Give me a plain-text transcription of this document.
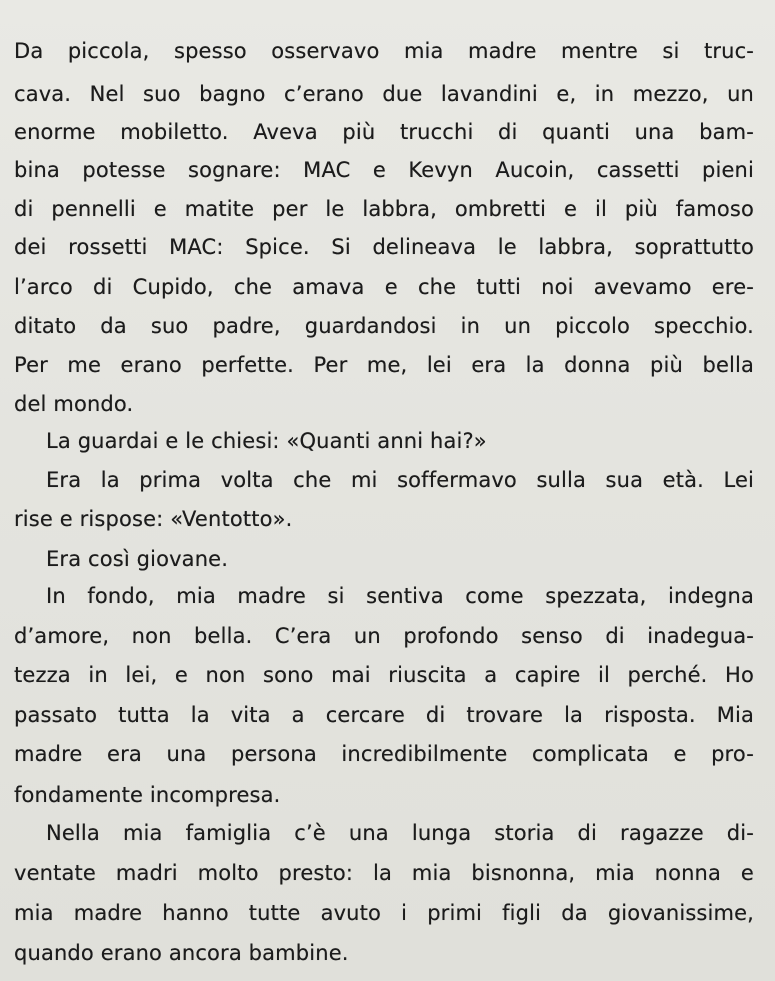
Da piccola, spesso osservavo mia madre mentre si truc-
cava. Nel suo bagno c’erano due lavandini e, in mezzo, un
enorme mobiletto. Aveva più trucchi di quanti una bam-
bina potesse sognare: MAC e Kevyn Aucoin, cassetti pieni
di pennelli e matite per le labbra, ombretti e il più famoso
dei rossetti MAC: Spice. Si delineava le labbra, soprattutto
l’arco di Cupido, che amava e che tutti noi avevamo ere-
ditato da suo padre, guardandosi in un piccolo specchio.
Per me erano perfette. Per me, lei era la donna più bella
del mondo.
La guardai e le chiesi: «Quanti anni hai?»
Era la prima volta che mi soffermavo sulla sua età. Lei
rise e rispose: «Ventotto».
Era così giovane.
In fondo, mia madre si sentiva come spezzata, indegna
d’amore, non bella. C’era un profondo senso di inadegua-
tezza in lei, e non sono mai riuscita a capire il perché. Ho
passato tutta la vita a cercare di trovare la risposta. Mia
madre era una persona incredibilmente complicata e pro-
fondamente incompresa.
Nella mia famiglia c’è una lunga storia di ragazze di-
ventate madri molto presto: la mia bisnonna, mia nonna e
mia madre hanno tutte avuto i primi figli da giovanissime,
quando erano ancora bambine.
